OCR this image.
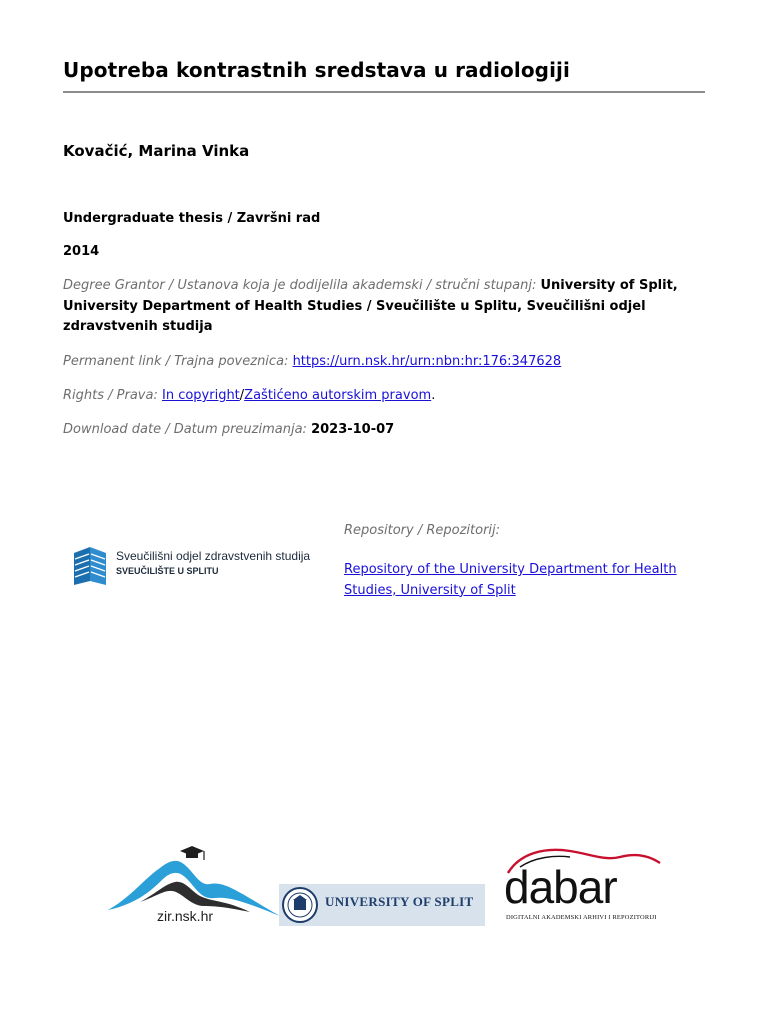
Upotreba kontrastnih sredstava u radiologiji
Kovačić, Marina Vinka
Undergraduate thesis / Završni rad
2014
Degree Grantor / Ustanova koja je dodijelila akademski / stručni stupanj: University of Split, University Department of Health Studies / Sveučilište u Splitu, Sveučilišni odjel zdravstvenih studija
Permanent link / Trajna poveznica: https://urn.nsk.hr/urn:nbn:hr:176:347628
Rights / Prava: In copyright/Zaštićeno autorskim pravom.
Download date / Datum preuzimanja: 2023-10-07
Sveučilišni odjel zdravstvenih studija
SVEUČILIŠTE U SPLITU
Repository / Repozitorij:
Repository of the University Department for Health Studies, University of Split
zir.nsk.hr
UNIVERSITY OF SPLIT dabar
DIGITALNI AKADEMSKI ARHIVI I REPOZITORIJI
